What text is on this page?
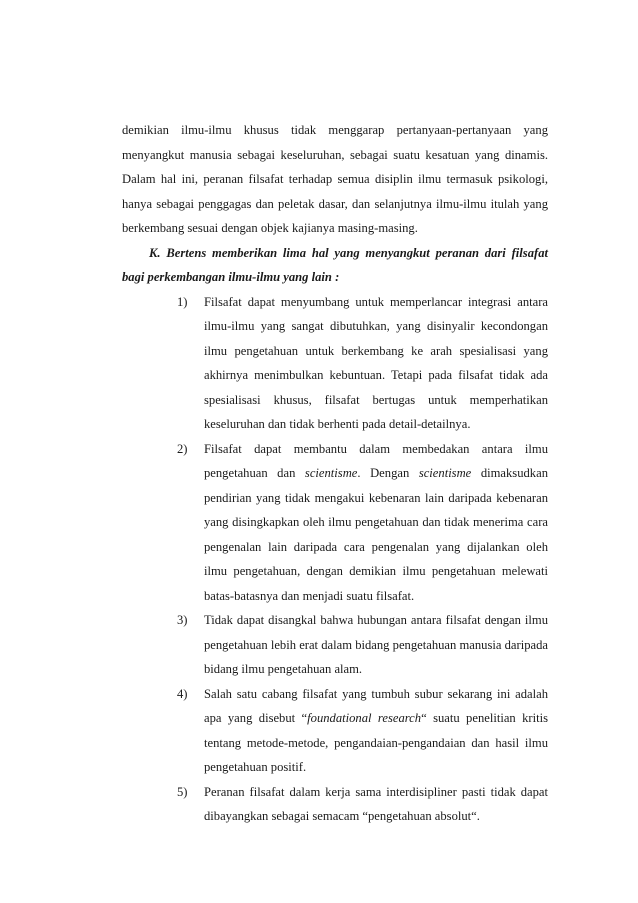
demikian ilmu-ilmu khusus tidak menggarap pertanyaan-pertanyaan yang menyangkut manusia sebagai keseluruhan, sebagai suatu kesatuan yang dinamis. Dalam hal ini, peranan filsafat terhadap semua disiplin ilmu termasuk psikologi, hanya sebagai penggagas dan peletak dasar, dan selanjutnya ilmu-ilmu itulah yang berkembang sesuai dengan objek kajianya masing-masing.

K. Bertens memberikan lima hal yang menyangkut peranan dari filsafat bagi perkembangan ilmu-ilmu yang lain :

1) Filsafat dapat menyumbang untuk memperlancar integrasi antara ilmu-ilmu yang sangat dibutuhkan, yang disinyalir kecondongan ilmu pengetahuan untuk berkembang ke arah spesialisasi yang akhirnya menimbulkan kebuntuan. Tetapi pada filsafat tidak ada spesialisasi khusus, filsafat bertugas untuk memperhatikan keseluruhan dan tidak berhenti pada detail-detailnya.
2) Filsafat dapat membantu dalam membedakan antara ilmu pengetahuan dan scientisme. Dengan scientisme dimaksudkan pendirian yang tidak mengakui kebenaran lain daripada kebenaran yang disingkapkan oleh ilmu pengetahuan dan tidak menerima cara pengenalan lain daripada cara pengenalan yang dijalankan oleh ilmu pengetahuan, dengan demikian ilmu pengetahuan melewati batas-batasnya dan menjadi suatu filsafat.
3) Tidak dapat disangkal bahwa hubungan antara filsafat dengan ilmu pengetahuan lebih erat dalam bidang pengetahuan manusia daripada bidang ilmu pengetahuan alam.
4) Salah satu cabang filsafat yang tumbuh subur sekarang ini adalah apa yang disebut “foundational research“ suatu penelitian kritis tentang metode-metode, pengandaian-pengandaian dan hasil ilmu pengetahuan positif.
5) Peranan filsafat dalam kerja sama interdisipliner pasti tidak dapat dibayangkan sebagai semacam “pengetahuan absolut“.
